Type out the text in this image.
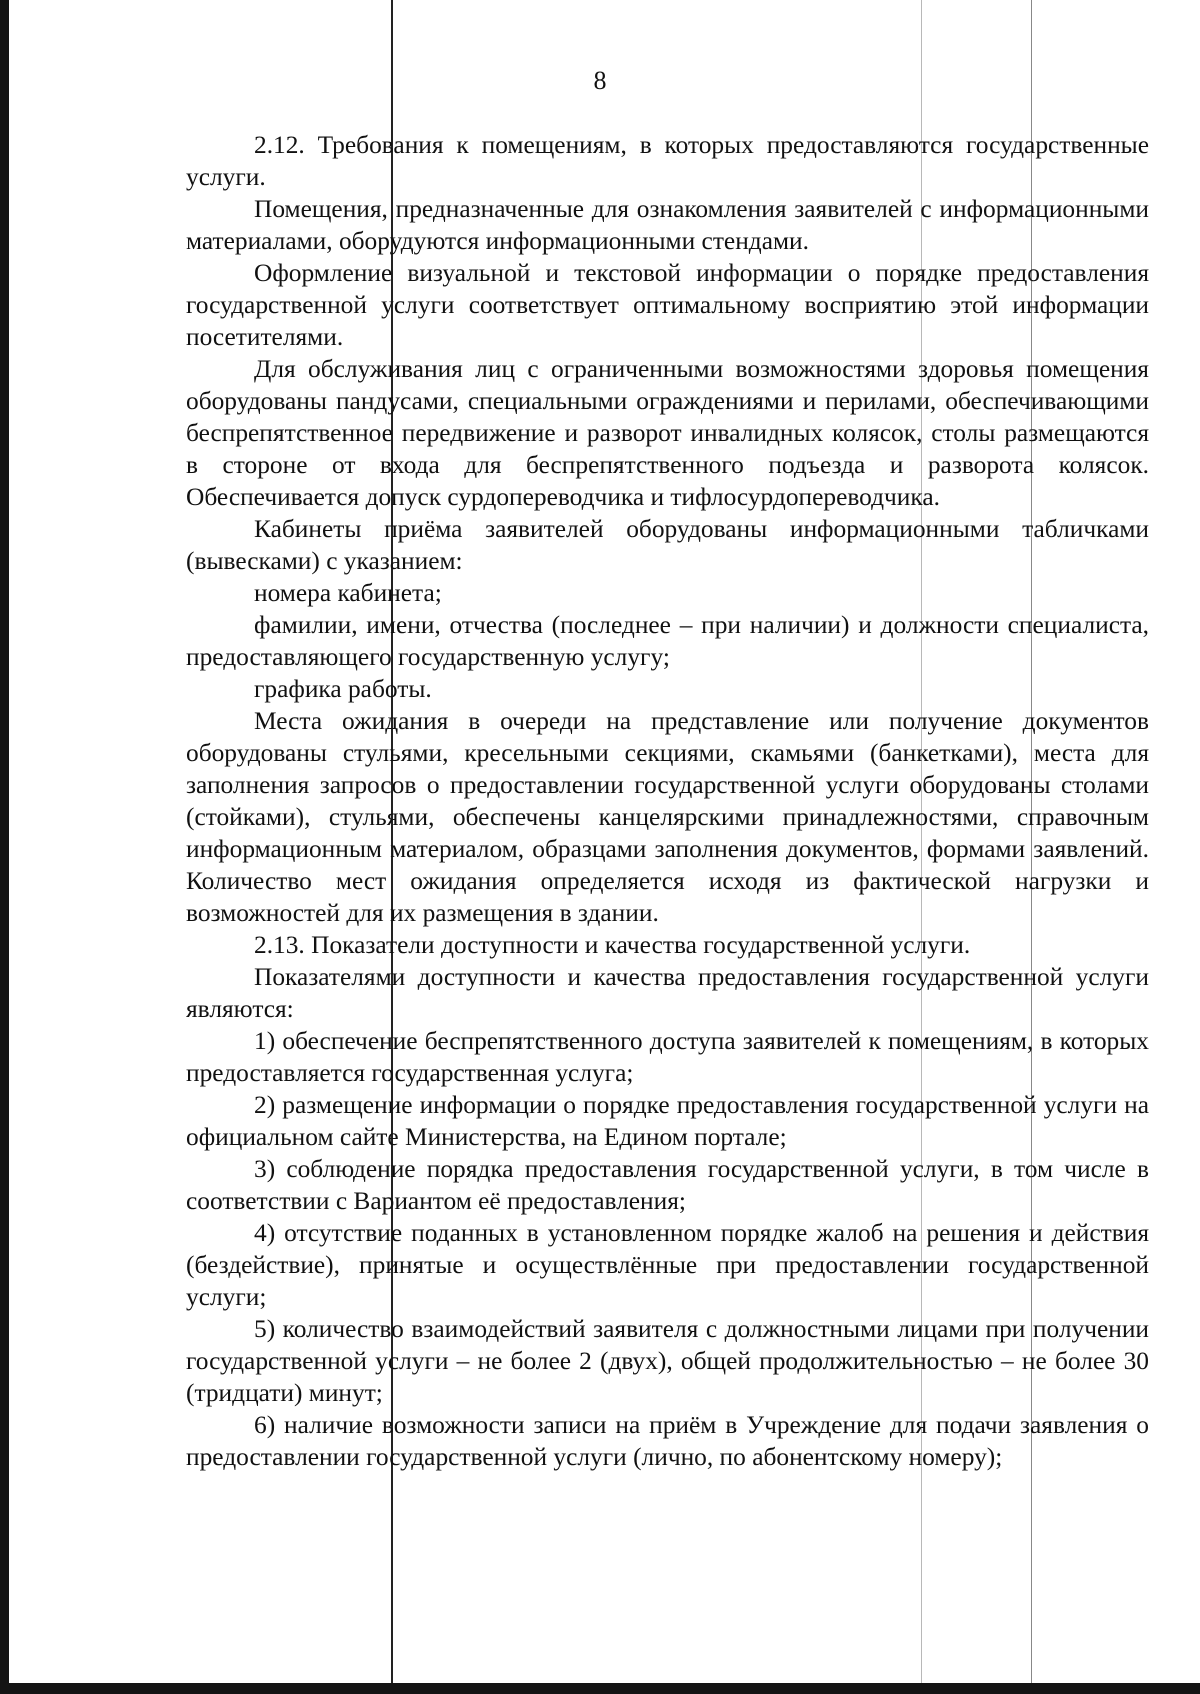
8

2.12. Требования к помещениям, в которых предоставляются государственные услуги.

Помещения, предназначенные для ознакомления заявителей с информационными материалами, оборудуются информационными стендами.

Оформление визуальной и текстовой информации о порядке предоставления государственной услуги соответствует оптимальному восприятию этой информации посетителями.

Для обслуживания лиц с ограниченными возможностями здоровья помещения оборудованы пандусами, специальными ограждениями и перилами, обеспечивающими беспрепятственное передвижение и разворот инвалидных колясок, столы размещаются в стороне от входа для беспрепятственного подъезда и разворота колясок. Обеспечивается допуск сурдопереводчика и тифлосурдопереводчика.

Кабинеты приёма заявителей оборудованы информационными табличками (вывесками) с указанием:

номера кабинета;

фамилии, имени, отчества (последнее – при наличии) и должности специалиста, предоставляющего государственную услугу;

графика работы.

Места ожидания в очереди на представление или получение документов оборудованы стульями, кресельными секциями, скамьями (банкетками), места для заполнения запросов о предоставлении государственной услуги оборудованы столами (стойками), стульями, обеспечены канцелярскими принадлежностями, справочным информационным материалом, образцами заполнения документов, формами заявлений. Количество мест ожидания определяется исходя из фактической нагрузки и возможностей для их размещения в здании.

2.13. Показатели доступности и качества государственной услуги.

Показателями доступности и качества предоставления государственной услуги являются:

1) обеспечение беспрепятственного доступа заявителей к помещениям, в которых предоставляется государственная услуга;

2) размещение информации о порядке предоставления государственной услуги на официальном сайте Министерства, на Едином портале;

3) соблюдение порядка предоставления государственной услуги, в том числе в соответствии с Вариантом её предоставления;

4) отсутствие поданных в установленном порядке жалоб на решения и действия (бездействие), принятые и осуществлённые при предоставлении государственной услуги;

5) количество взаимодействий заявителя с должностными лицами при получении государственной услуги – не более 2 (двух), общей продолжительностью – не более 30 (тридцати) минут;

6) наличие возможности записи на приём в Учреждение для подачи заявления о предоставлении государственной услуги (лично, по абонентскому номеру);
